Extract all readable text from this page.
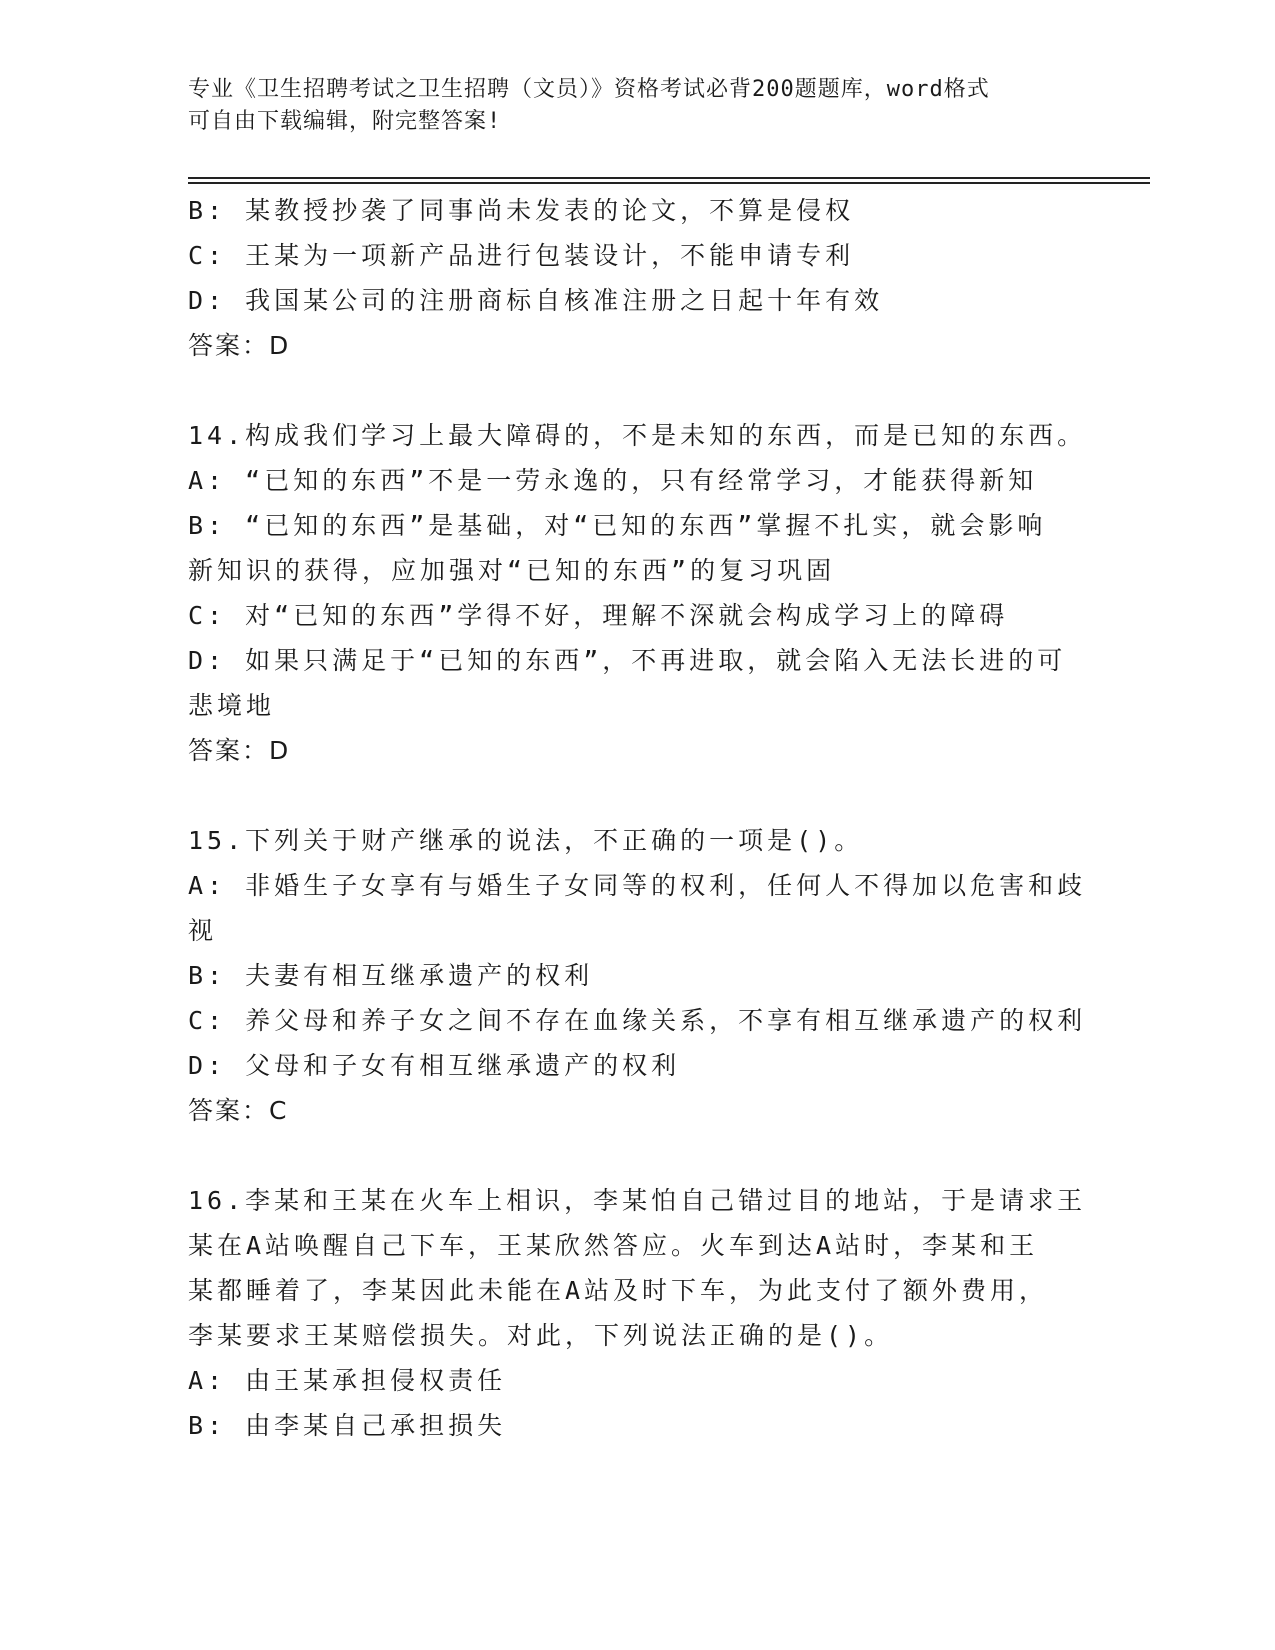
专业《卫生招聘考试之卫生招聘（文员）》资格考试必背200题题库，word格式
可自由下载编辑，附完整答案!
B: 某教授抄袭了同事尚未发表的论文，不算是侵权
C: 王某为一项新产品进行包装设计，不能申请专利
D: 我国某公司的注册商标自核准注册之日起十年有效
答案：D
14.构成我们学习上最大障碍的，不是未知的东西，而是已知的东西。
A: “已知的东西”不是一劳永逸的，只有经常学习，才能获得新知
B: “已知的东西”是基础，对“已知的东西”掌握不扎实，就会影响
新知识的获得，应加强对“已知的东西”的复习巩固
C: 对“已知的东西”学得不好，理解不深就会构成学习上的障碍
D: 如果只满足于“已知的东西”，不再进取，就会陷入无法长进的可
悲境地
答案：D
15.下列关于财产继承的说法，不正确的一项是()。
A: 非婚生子女享有与婚生子女同等的权利，任何人不得加以危害和歧
视
B: 夫妻有相互继承遗产的权利
C: 养父母和养子女之间不存在血缘关系，不享有相互继承遗产的权利
D: 父母和子女有相互继承遗产的权利
答案：C
16.李某和王某在火车上相识，李某怕自己错过目的地站，于是请求王
某在A站唤醒自己下车，王某欣然答应。火车到达A站时，李某和王
某都睡着了，李某因此未能在A站及时下车，为此支付了额外费用，
李某要求王某赔偿损失。对此，下列说法正确的是()。
A: 由王某承担侵权责任
B: 由李某自己承担损失
